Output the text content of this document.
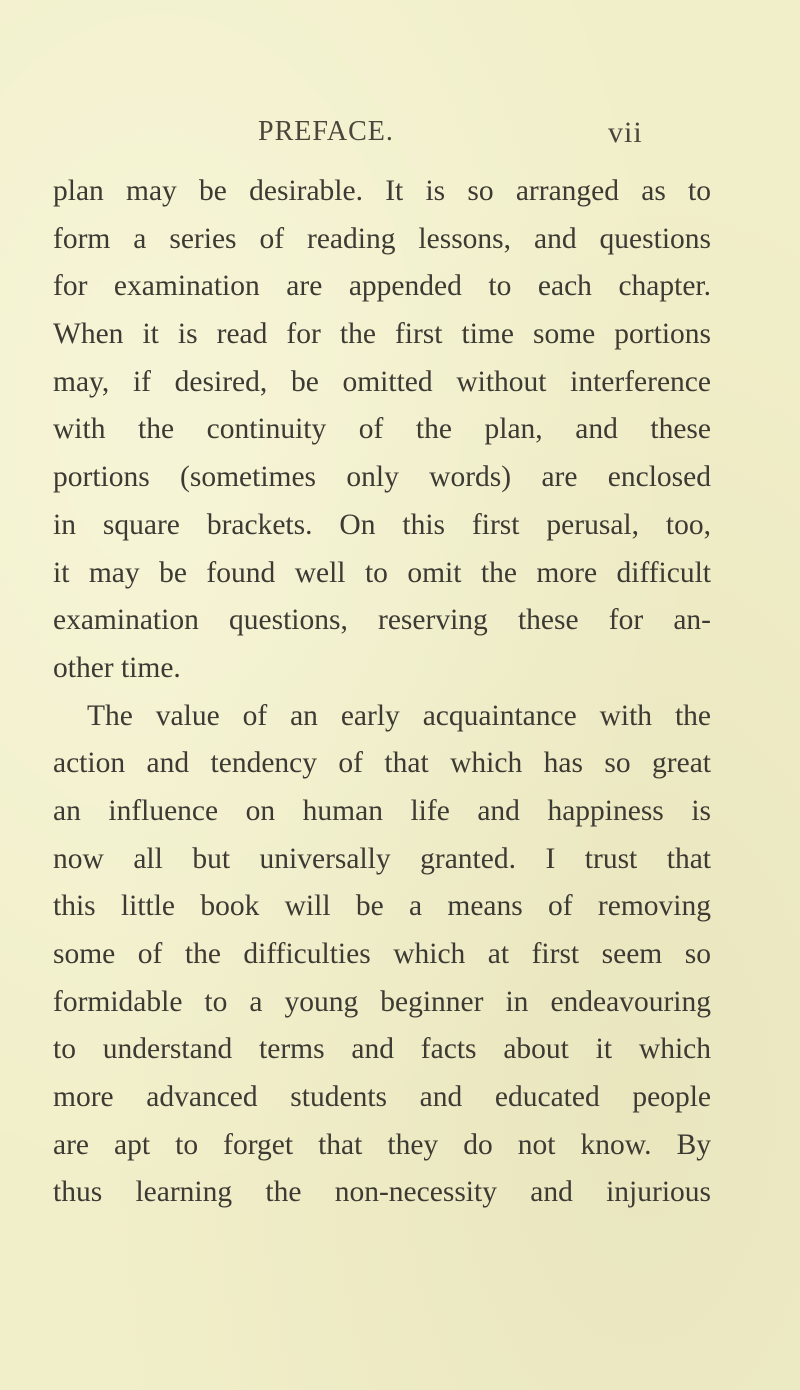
PREFACE.	vii
plan may be desirable. It is so arranged as to
form a series of reading lessons, and questions
for examination are appended to each chapter.
When it is read for the first time some portions
may, if desired, be omitted without interference
with the continuity of the plan, and these
portions (sometimes only words) are enclosed
in square brackets. On this first perusal, too,
it may be found well to omit the more difficult
examination questions, reserving these for an-
other time.
The value of an early acquaintance with the
action and tendency of that which has so great
an influence on human life and happiness is
now all but universally granted. I trust that
this little book will be a means of removing
some of the difficulties which at first seem so
formidable to a young beginner in endeavouring
to understand terms and facts about it which
more advanced students and educated people
are apt to forget that they do not know. By
thus learning the non-necessity and injurious
